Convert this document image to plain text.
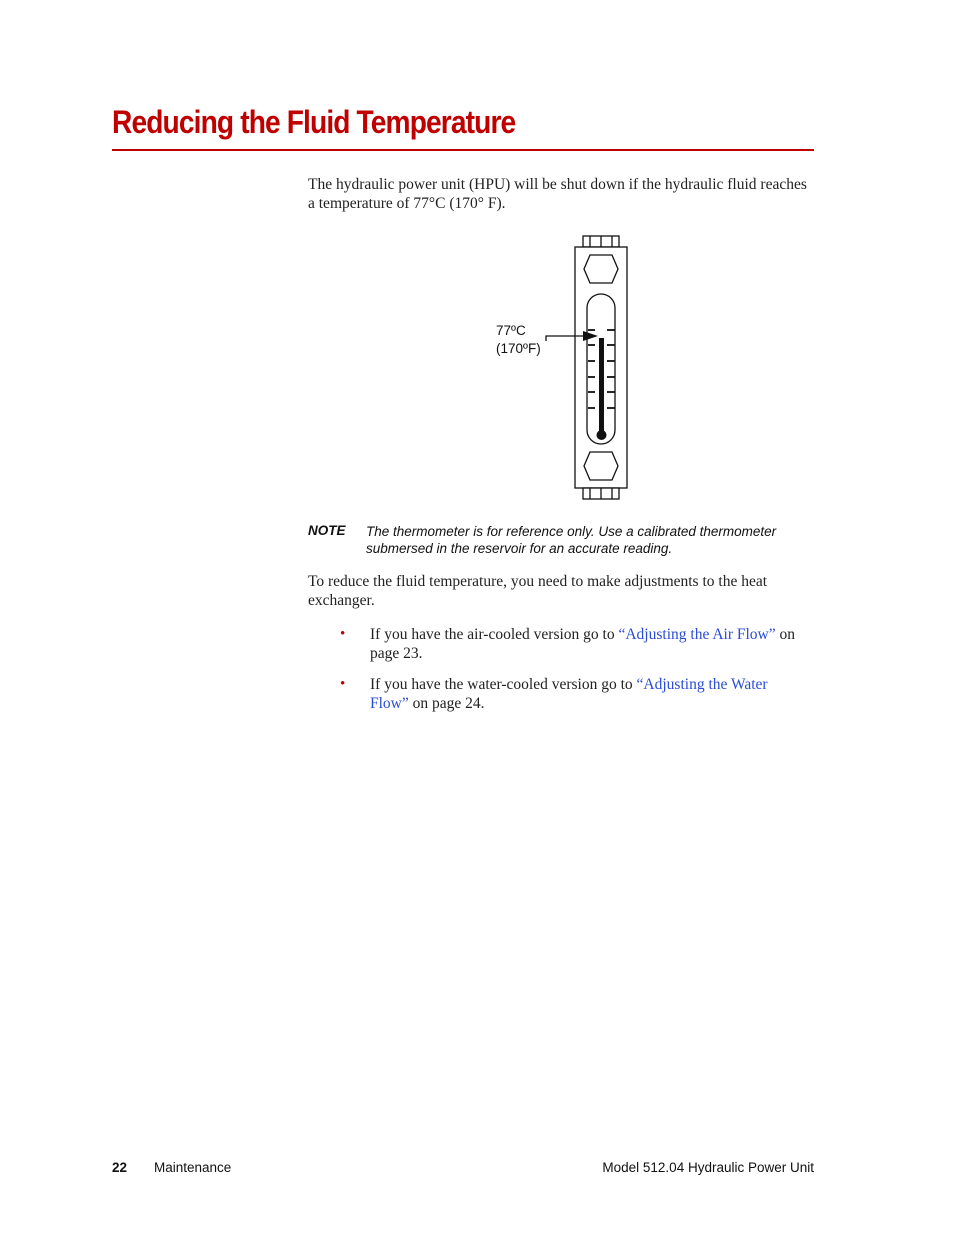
Reducing the Fluid Temperature

The hydraulic power unit (HPU) will be shut down if the hydraulic fluid reaches a temperature of 77°C (170° F).

77ºC
(170ºF)
NOTE The thermometer is for reference only. Use a calibrated thermometer submersed in the reservoir for an accurate reading.

To reduce the fluid temperature, you need to make adjustments to the heat exchanger.

• If you have the air-cooled version go to “Adjusting the Air Flow” on page 23.
• If you have the water-cooled version go to “Adjusting the Water Flow” on page 24.
22 Maintenance	Model 512.04 Hydraulic Power Unit
